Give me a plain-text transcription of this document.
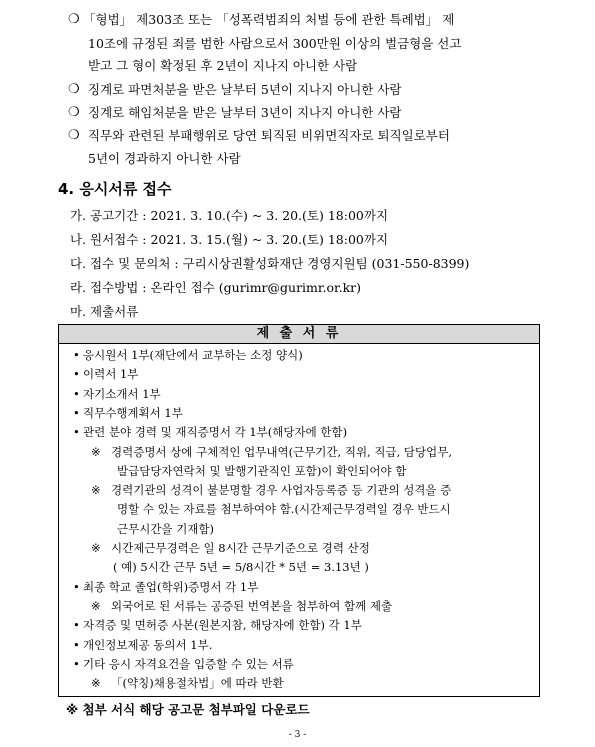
❍ 「형법」 제303조 또는 「성폭력범죄의 처벌 등에 관한 특례법」 제
10조에 규정된 죄를 범한 사람으로서 300만원 이상의 벌금형을 선고
받고 그 형이 확정된 후 2년이 지나지 아니한 사람
❍ 징계로 파면처분을 받은 날부터 5년이 지나지 아니한 사람
❍ 징계로 해임처분을 받은 날부터 3년이 지나지 아니한 사람
❍ 직무와 관련된 부패행위로 당연 퇴직된 비위면직자로 퇴직일로부터
5년이 경과하지 아니한 사람
4. 응시서류 접수
가. 공고기간 : 2021. 3. 10.(수) ~ 3. 20.(토) 18:00까지
나. 원서접수 : 2021. 3. 15.(월) ~ 3. 20.(토) 18:00까지
다. 접수 및 문의처 : 구리시상권활성화재단 경영지원팀 (031-550-8399)
라. 접수방법 : 온라인 접수 (gurimr@gurimr.or.kr)
마. 제출서류
제 출 서 류
• 응시원서 1부(재단에서 교부하는 소정 양식)
• 이력서 1부
• 자기소개서 1부
• 직무수행계획서 1부
• 관련 분야 경력 및 재직증명서 각 1부(해당자에 한함)
※ 경력증명서 상에 구체적인 업무내역(근무기간, 직위, 직급, 담당업무,
발급담당자연락처 및 발행기관직인 포함)이 확인되어야 함
※ 경력기관의 성격이 불분명할 경우 사업자등록증 등 기관의 성격을 증
명할 수 있는 자료를 첨부하여야 함.(시간제근무경력일 경우 반드시
근무시간을 기재함)
※ 시간제근무경력은 일 8시간 근무기준으로 경력 산정
( 예) 5시간 근무 5년 = 5/8시간 * 5년 = 3.13년 )
• 최종 학교 졸업(학위)증명서 각 1부
※ 외국어로 된 서류는 공증된 번역본을 첨부하여 함께 제출
• 자격증 및 면허증 사본(원본지참, 해당자에 한함) 각 1부
• 개인정보제공 동의서 1부.
• 기타 응시 자격요건을 입증할 수 있는 서류
※ 「(약칭)채용절차법」에 따라 반환
※ 첨부 서식 해당 공고문 첨부파일 다운로드
- 3 -
